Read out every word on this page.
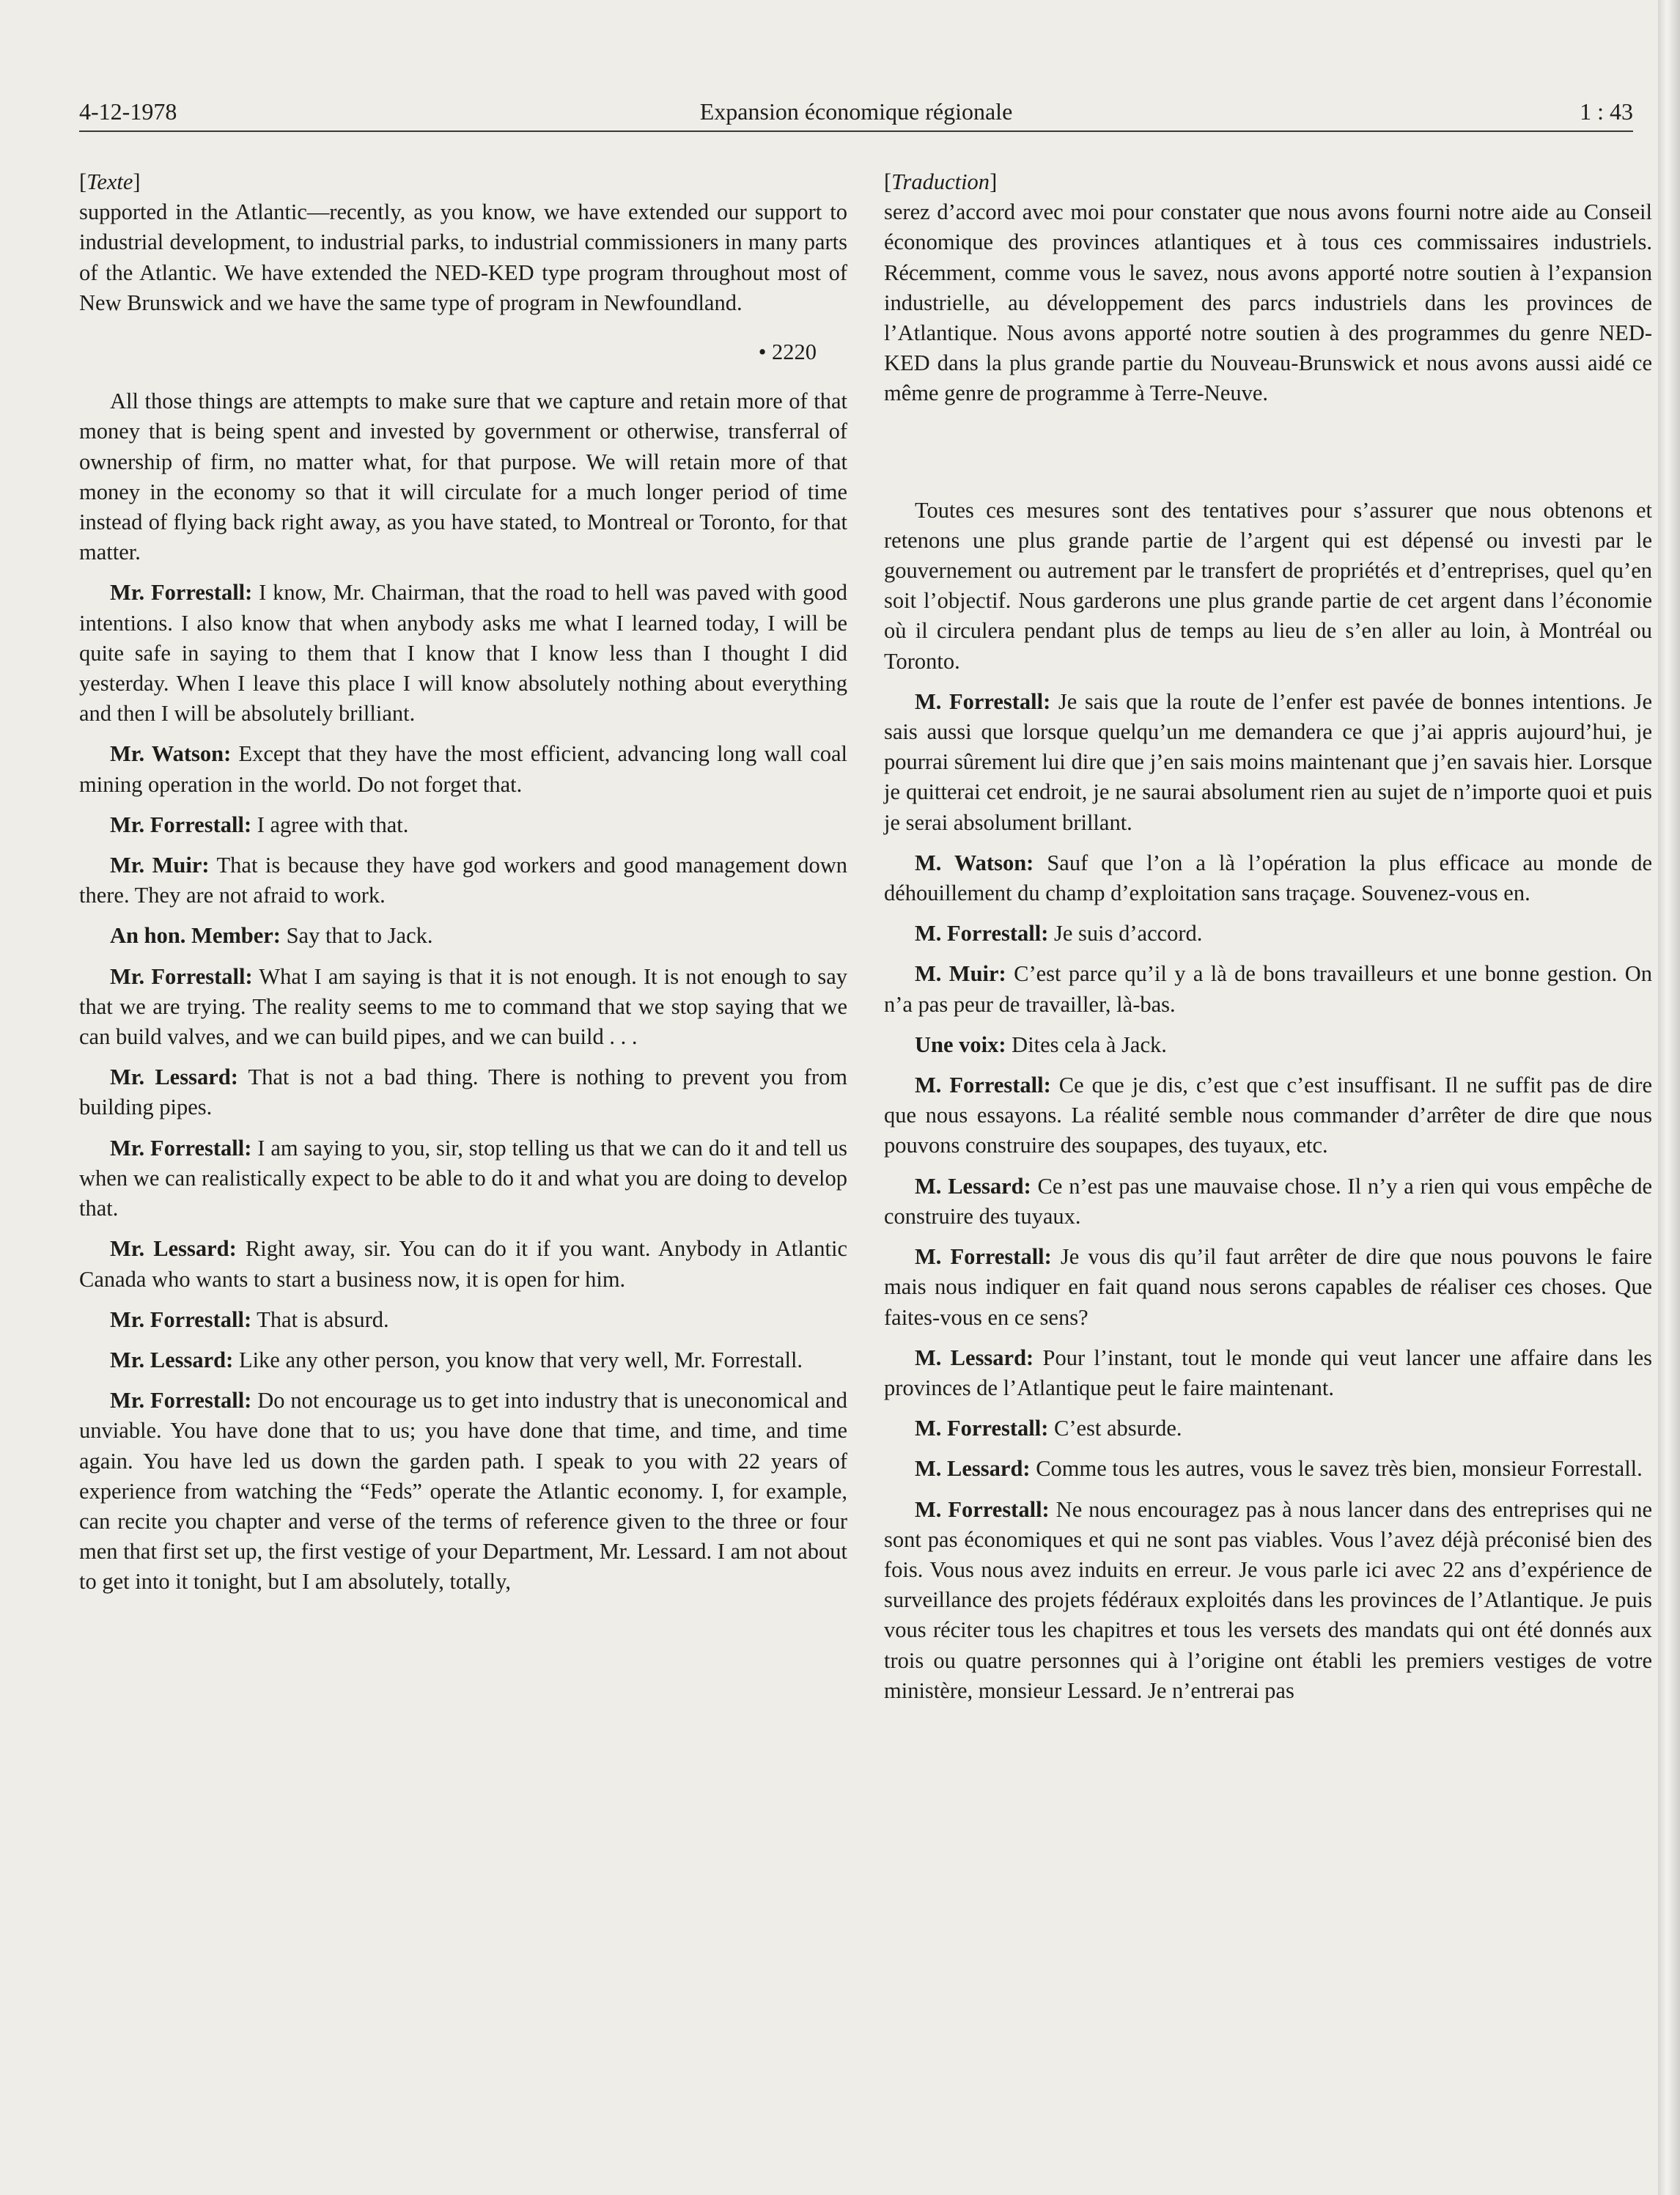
4-12-1978	Expansion économique régionale	1 : 43
[Texte]

supported in the Atlantic—recently, as you know, we have extended our support to industrial development, to industrial parks, to industrial commissioners in many parts of the Atlantic. We have extended the NED-KED type program throughout most of New Brunswick and we have the same type of program in Newfoundland.

• 2220

All those things are attempts to make sure that we capture and retain more of that money that is being spent and invested by government or otherwise, transferral of ownership of firm, no matter what, for that purpose. We will retain more of that money in the economy so that it will circulate for a much longer period of time instead of flying back right away, as you have stated, to Montreal or Toronto, for that matter.

Mr. Forrestall: I know, Mr. Chairman, that the road to hell was paved with good intentions. I also know that when anybody asks me what I learned today, I will be quite safe in saying to them that I know that I know less than I thought I did yesterday. When I leave this place I will know absolutely nothing about everything and then I will be absolutely brilliant.

Mr. Watson: Except that they have the most efficient, advancing long wall coal mining operation in the world. Do not forget that.

Mr. Forrestall: I agree with that.

Mr. Muir: That is because they have god workers and good management down there. They are not afraid to work.

An hon. Member: Say that to Jack.

Mr. Forrestall: What I am saying is that it is not enough. It is not enough to say that we are trying. The reality seems to me to command that we stop saying that we can build valves, and we can build pipes, and we can build . . .

Mr. Lessard: That is not a bad thing. There is nothing to prevent you from building pipes.

Mr. Forrestall: I am saying to you, sir, stop telling us that we can do it and tell us when we can realistically expect to be able to do it and what you are doing to develop that.

Mr. Lessard: Right away, sir. You can do it if you want. Anybody in Atlantic Canada who wants to start a business now, it is open for him.

Mr. Forrestall: That is absurd.

Mr. Lessard: Like any other person, you know that very well, Mr. Forrestall.

Mr. Forrestall: Do not encourage us to get into industry that is uneconomical and unviable. You have done that to us; you have done that time, and time, and time again. You have led us down the garden path. I speak to you with 22 years of experience from watching the “Feds” operate the Atlantic economy. I, for example, can recite you chapter and verse of the terms of reference given to the three or four men that first set up, the first vestige of your Department, Mr. Lessard. I am not about to get into it tonight, but I am absolutely, totally,

[Traduction]

serez d’accord avec moi pour constater que nous avons fourni notre aide au Conseil économique des provinces atlantiques et à tous ces commissaires industriels. Récemment, comme vous le savez, nous avons apporté notre soutien à l’expansion industrielle, au développement des parcs industriels dans les provinces de l’Atlantique. Nous avons apporté notre soutien à des programmes du genre NED-KED dans la plus grande partie du Nouveau-Brunswick et nous avons aussi aidé ce même genre de programme à Terre-Neuve.

Toutes ces mesures sont des tentatives pour s’assurer que nous obtenons et retenons une plus grande partie de l’argent qui est dépensé ou investi par le gouvernement ou autrement par le transfert de propriétés et d’entreprises, quel qu’en soit l’objectif. Nous garderons une plus grande partie de cet argent dans l’économie où il circulera pendant plus de temps au lieu de s’en aller au loin, à Montréal ou Toronto.

M. Forrestall: Je sais que la route de l’enfer est pavée de bonnes intentions. Je sais aussi que lorsque quelqu’un me demandera ce que j’ai appris aujourd’hui, je pourrai sûrement lui dire que j’en sais moins maintenant que j’en savais hier. Lorsque je quitterai cet endroit, je ne saurai absolument rien au sujet de n’importe quoi et puis je serai absolument brillant.

M. Watson: Sauf que l’on a là l’opération la plus efficace au monde de déhouillement du champ d’exploitation sans traçage. Souvenez-vous en.

M. Forrestall: Je suis d’accord.

M. Muir: C’est parce qu’il y a là de bons travailleurs et une bonne gestion. On n’a pas peur de travailler, là-bas.

Une voix: Dites cela à Jack.

M. Forrestall: Ce que je dis, c’est que c’est insuffisant. Il ne suffit pas de dire que nous essayons. La réalité semble nous commander d’arrêter de dire que nous pouvons construire des soupapes, des tuyaux, etc.

M. Lessard: Ce n’est pas une mauvaise chose. Il n’y a rien qui vous empêche de construire des tuyaux.

M. Forrestall: Je vous dis qu’il faut arrêter de dire que nous pouvons le faire mais nous indiquer en fait quand nous serons capables de réaliser ces choses. Que faites-vous en ce sens?

M. Lessard: Pour l’instant, tout le monde qui veut lancer une affaire dans les provinces de l’Atlantique peut le faire maintenant.

M. Forrestall: C’est absurde.

M. Lessard: Comme tous les autres, vous le savez très bien, monsieur Forrestall.

M. Forrestall: Ne nous encouragez pas à nous lancer dans des entreprises qui ne sont pas économiques et qui ne sont pas viables. Vous l’avez déjà préconisé bien des fois. Vous nous avez induits en erreur. Je vous parle ici avec 22 ans d’expérience de surveillance des projets fédéraux exploités dans les provinces de l’Atlantique. Je puis vous réciter tous les chapitres et tous les versets des mandats qui ont été donnés aux trois ou quatre personnes qui à l’origine ont établi les premiers vestiges de votre ministère, monsieur Lessard. Je n’entrerai pas
